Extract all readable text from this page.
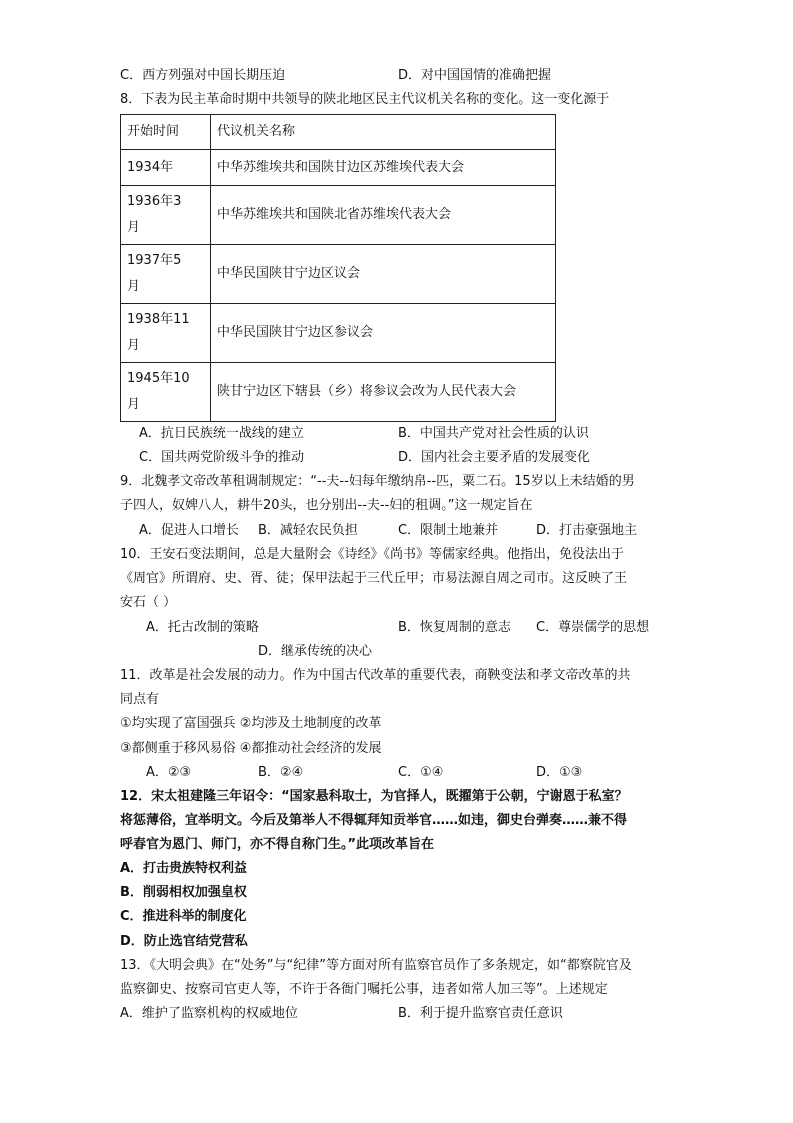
C．西方列强对中国长期压迫	D．对中国国情的准确把握
8．下表为民主革命时期中共领导的陕北地区民主代议机关名称的变化。这一变化源于
开始时间	代议机关名称
1934年	中华苏维埃共和国陕甘边区苏维埃代表大会
1936年3
月	中华苏维埃共和国陕北省苏维埃代表大会
1937年5
月	中华民国陕甘宁边区议会
1938年11
月	中华民国陕甘宁边区参议会
1945年10
月	陕甘宁边区下辖县（乡）将参议会改为人民代表大会
A．抗日民族统一战线的建立	B．中国共产党对社会性质的认识
C．国共两党阶级斗争的推动	D．国内社会主要矛盾的发展变化
9．北魏孝文帝改革租调制规定：“--夫--妇每年缴纳帛--匹，粟二石。15岁以上未结婚的男
子四人，奴婢八人，耕牛20头，也分别出--夫--妇的租调。”这一规定旨在
A．促进人口增长 B．减轻农民负担	C．限制土地兼并	D．打击豪强地主
10．王安石变法期间，总是大量附会《诗经》《尚书》等儒家经典。他指出，免役法出于
《周官》所谓府、史、胥、徒；保甲法起于三代丘甲；市易法源自周之司市。这反映了王
安石（ ）
A．托古改制的策略	B．恢复周制的意志 C．尊崇儒学的思想
D．继承传统的决心
11．改革是社会发展的动力。作为中国古代改革的重要代表，商鞅变法和孝文帝改革的共
同点有
①均实现了富国强兵 ②均涉及土地制度的改革
③都侧重于移风易俗 ④都推动社会经济的发展
A．②③	B．②④	C．①④	D．①③
12．宋太祖建隆三年诏令：“国家悬科取士，为官择人，既擢第于公朝，宁谢恩于私室？
将惩薄俗，宜举明文。今后及第举人不得辄拜知贡举官……如违，御史台弹奏……兼不得
呼春官为恩门、师门，亦不得自称门生。”此项改革旨在
A．打击贵族特权利益
B．削弱相权加强皇权
C．推进科举的制度化
D．防止选官结党营私
13．《大明会典》在“处务”与“纪律”等方面对所有监察官员作了多条规定，如“都察院官及
监察御史、按察司官吏人等，不许于各衙门嘱托公事，违者如常人加三等”。上述规定
A．维护了监察机构的权威地位	B．利于提升监察官责任意识
